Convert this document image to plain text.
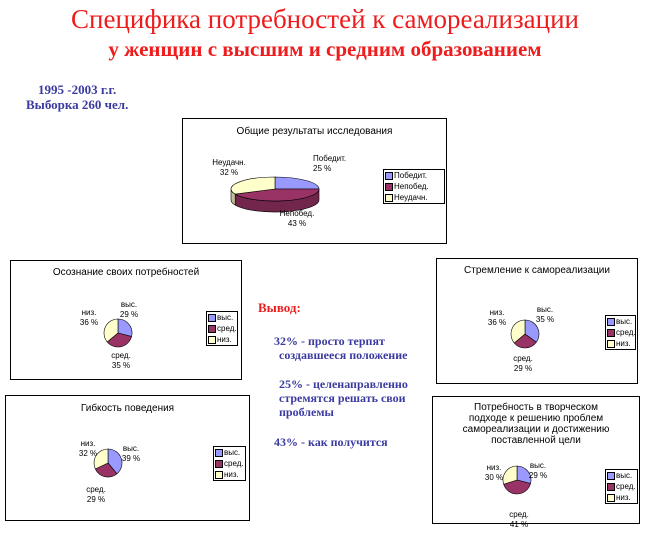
Специфика потребностей к самореализации
у женщин с высшим и средним образованием
1995 -2003 г.г.
Выборка 260 чел.
Общие результаты исследования
Победит.
25 %
Непобед.
43 %
Неудачн.
32 %	Победит.
Непобед.
Неудачн.
Осознание своих потребностей
выс.
29 %
сред.
35 %
низ.
36 %
выс.
сред.
низ.
Стремление к самореализации
выс.
35 %
сред.
29 %
низ.
36 %	выс.
сред.
низ.
Гибкость поведения
выс.
39 %
сред.
29 %
низ.
32 %	выс.
сред.
низ.
Потребность в творческом
подходе к решению проблем
самореализации и достижению
поставленной цели
выс.
29 %
сред.
41 %
низ.
30 %	выс.
сред.
низ.
Вывод:
32% - просто терпят
создавшееся положение
25% - целенаправленно
стремятся решать свои
проблемы
43% - как получится
